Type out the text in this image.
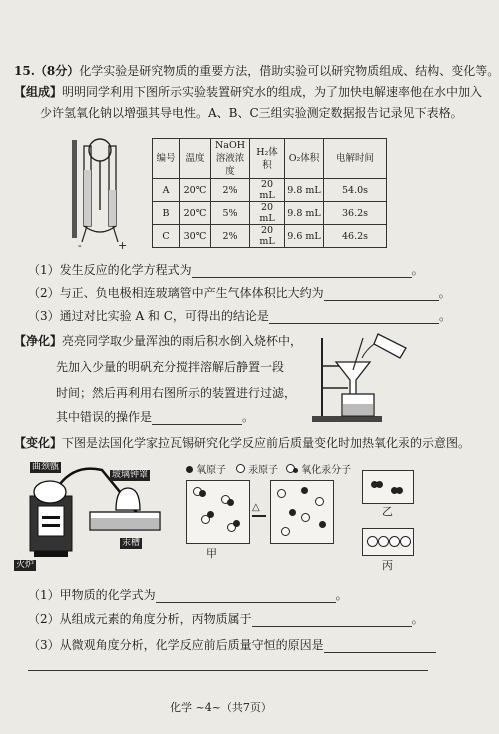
15.（8分）化学实验是研究物质的重要方法，借助实验可以研究物质组成、结构、变化等。
【组成】明明同学利用下图所示实验装置研究水的组成，为了加快电解速率他在水中加入
少许氢氧化钠以增强其导电性。A、B、C三组实验测定数据报告记录见下表格。
-	+
编号	温度	NaOH溶液浓度	H₂体积	O₂体积	电解时间
A	20℃	2%	20 mL	9.8 mL	54.0s
B	20℃	5%	20 mL	9.8 mL	36.2s
C	30℃	2%	20 mL	9.6 mL	46.2s
（1）发生反应的化学方程式为	。
（2）与正、负电极相连玻璃管中产生气体体积比大约为	。
（3）通过对比实验 A 和 C，可得出的结论是	。
【净化】亮亮同学取少量浑浊的雨后积水倒入烧杯中，
先加入少量的明矾充分搅拌溶解后静置一段
时间；然后再利用右图所示的装置进行过滤，
其中错误的操作是	。
【变化】下图是法国化学家拉瓦锡研究化学反应前后质量变化时加热氧化汞的示意图。
曲颈甑
玻璃钟罩
火炉
汞槽
氧原子	汞原子	氧化汞分子
甲
△	乙
丙
（1）甲物质的化学式为	。
（2）从组成元素的角度分析，丙物质属于	。
（3）从微观角度分析，化学反应前后质量守恒的原因是
化学 ~4~（共7页）
